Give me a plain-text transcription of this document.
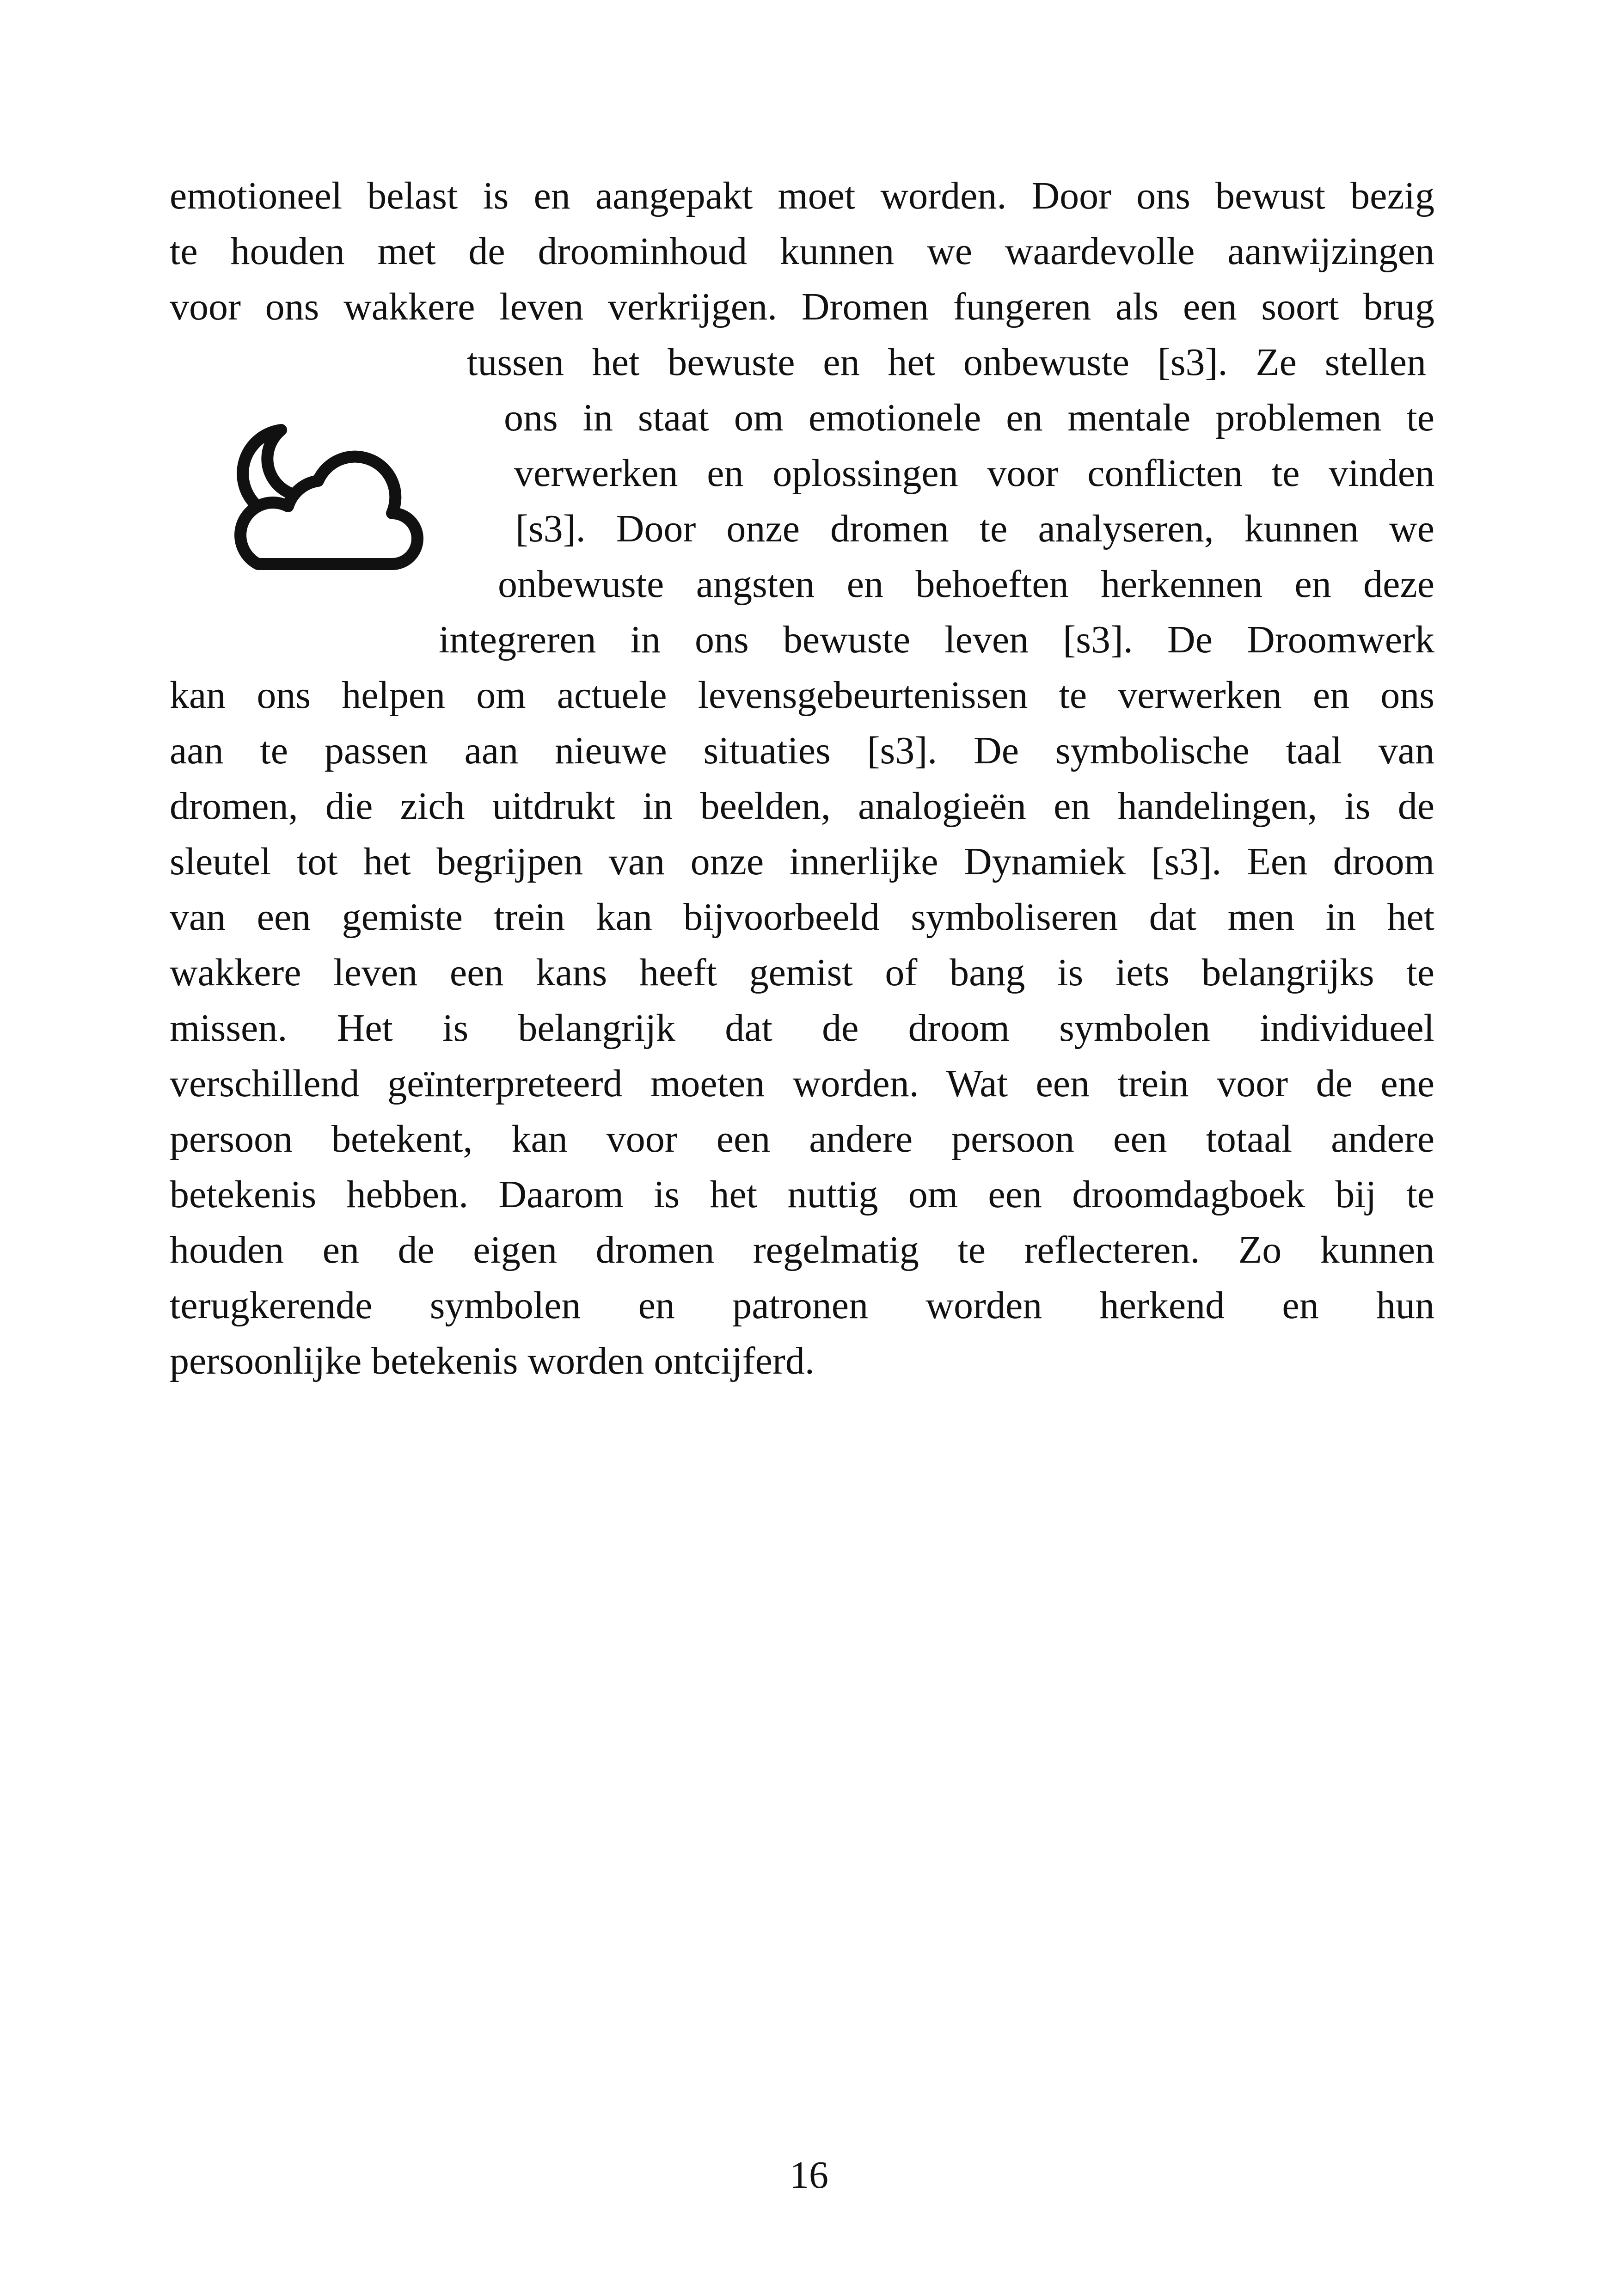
emotioneel belast is en aangepakt moet worden. Door ons bewust bezig
te houden met de droominhoud kunnen we waardevolle aanwijzingen
voor ons wakkere leven verkrijgen. Dromen fungeren als een soort brug
tussen het bewuste en het onbewuste [s3]. Ze stellen
ons in staat om emotionele en mentale problemen te
verwerken en oplossingen voor conflicten te vinden
[s3]. Door onze dromen te analyseren, kunnen we
onbewuste angsten en behoeften herkennen en deze
integreren in ons bewuste leven [s3]. De Droomwerk
kan ons helpen om actuele levensgebeurtenissen te verwerken en ons
aan te passen aan nieuwe situaties [s3]. De symbolische taal van
dromen, die zich uitdrukt in beelden, analogieën en handelingen, is de
sleutel tot het begrijpen van onze innerlijke Dynamiek [s3]. Een droom
van een gemiste trein kan bijvoorbeeld symboliseren dat men in het
wakkere leven een kans heeft gemist of bang is iets belangrijks te
missen. Het is belangrijk dat de droom symbolen individueel
verschillend geïnterpreteerd moeten worden. Wat een trein voor de ene
persoon betekent, kan voor een andere persoon een totaal andere
betekenis hebben. Daarom is het nuttig om een droomdagboek bij te
houden en de eigen dromen regelmatig te reflecteren. Zo kunnen
terugkerende symbolen en patronen worden herkend en hun
persoonlijke betekenis worden ontcijferd.
16
